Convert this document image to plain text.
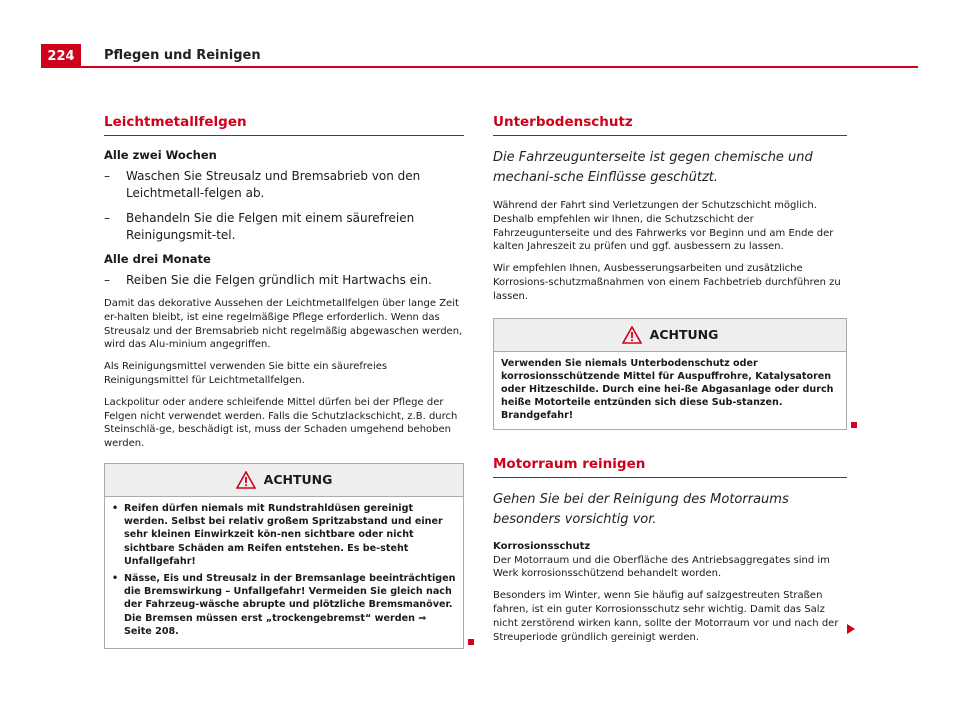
224	Pflegen und Reinigen
Leichtmetallfelgen
Alle zwei Wochen
–	Waschen Sie Streusalz und Bremsabrieb von den Leichtmetall-felgen ab.
–	Behandeln Sie die Felgen mit einem säurefreien Reinigungsmit-tel.
Alle drei Monate
–	Reiben Sie die Felgen gründlich mit Hartwachs ein.

Damit das dekorative Aussehen der Leichtmetallfelgen über lange Zeit er-halten bleibt, ist eine regelmäßige Pflege erforderlich. Wenn das Streusalz und der Bremsabrieb nicht regelmäßig abgewaschen werden, wird das Alu-minium angegriffen.

Als Reinigungsmittel verwenden Sie bitte ein säurefreies Reinigungsmittel für Leichtmetallfelgen.

Lackpolitur oder andere schleifende Mittel dürfen bei der Pflege der Felgen nicht verwendet werden. Falls die Schutzlackschicht, z.B. durch Steinschlä-ge, beschädigt ist, muss der Schaden umgehend behoben werden.

ACHTUNG
• Reifen dürfen niemals mit Rundstrahldüsen gereinigt werden. Selbst bei relativ großem Spritzabstand und einer sehr kleinen Einwirkzeit kön-nen sichtbare oder nicht sichtbare Schäden am Reifen entstehen. Es be-steht Unfallgefahr!
• Nässe, Eis und Streusalz in der Bremsanlage beeinträchtigen die Bremswirkung – Unfallgefahr! Vermeiden Sie gleich nach der Fahrzeug-wäsche abrupte und plötzliche Bremsmanöver. Die Bremsen müssen erst „trockengebremst“ werden ⇒ Seite 208.
Unterbodenschutz

Die Fahrzeugunterseite ist gegen chemische und mechani-sche Einflüsse geschützt.

Während der Fahrt sind Verletzungen der Schutzschicht möglich. Deshalb empfehlen wir Ihnen, die Schutzschicht der Fahrzeugunterseite und des Fahrwerks vor Beginn und am Ende der kalten Jahreszeit zu prüfen und ggf. ausbessern zu lassen.

Wir empfehlen Ihnen, Ausbesserungsarbeiten und zusätzliche Korrosions-schutzmaßnahmen von einem Fachbetrieb durchführen zu lassen.

ACHTUNG
Verwenden Sie niemals Unterbodenschutz oder korrosionsschützende Mittel für Auspuffrohre, Katalysatoren oder Hitzeschilde. Durch eine hei-ße Abgasanlage oder durch heiße Motorteile entzünden sich diese Sub-stanzen. Brandgefahr!
Motorraum reinigen

Gehen Sie bei der Reinigung des Motorraums besonders vorsichtig vor.

Korrosionsschutz

Der Motorraum und die Oberfläche des Antriebsaggregates sind im Werk korrosionsschützend behandelt worden.

Besonders im Winter, wenn Sie häufig auf salzgestreuten Straßen fahren, ist ein guter Korrosionsschutz sehr wichtig. Damit das Salz nicht zerstörend wirken kann, sollte der Motorraum vor und nach der Streuperiode gründlich gereinigt werden.
